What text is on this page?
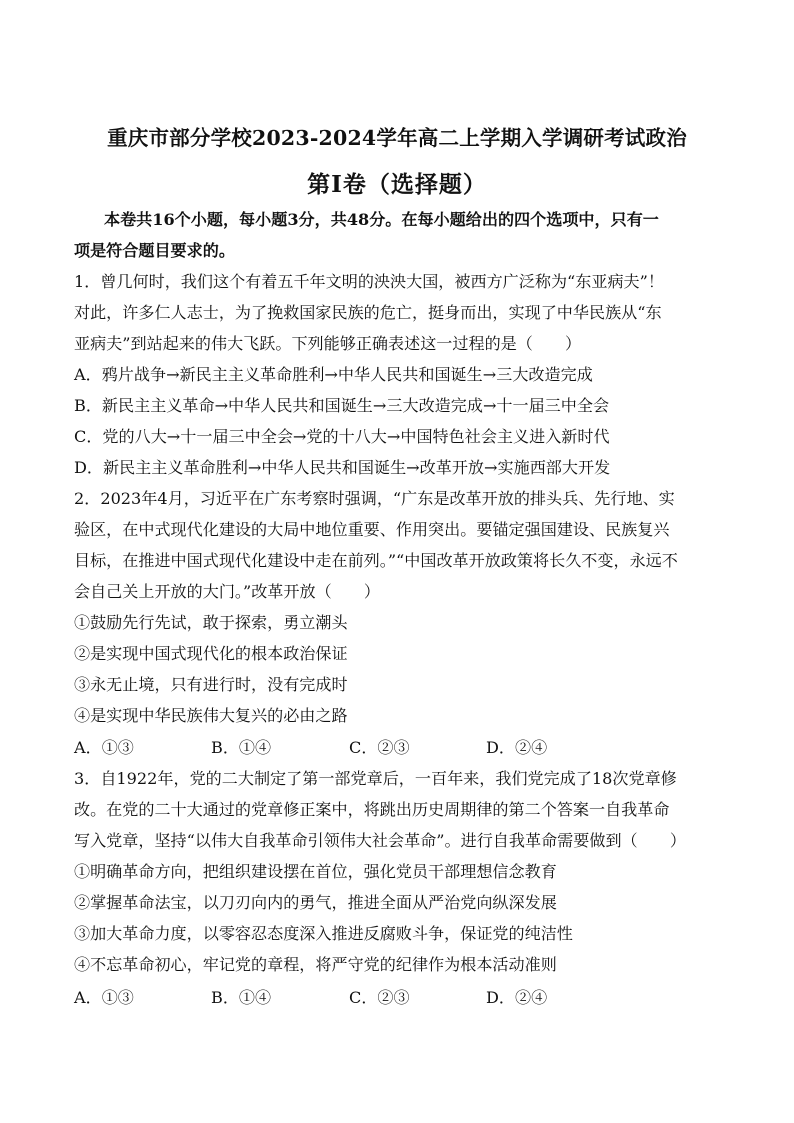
重庆市部分学校2023-2024学年高二上学期入学调研考试政治
第Ⅰ卷（选择题）
本卷共16个小题，每小题3分，共48分。在每小题给出的四个选项中，只有一
项是符合题目要求的。
1．曾几何时，我们这个有着五千年文明的泱泱大国，被西方广泛称为“东亚病夫”！
对此，许多仁人志士，为了挽救国家民族的危亡，挺身而出，实现了中华民族从“东
亚病夫”到站起来的伟大飞跃。下列能够正确表述这一过程的是（　　）
A．鸦片战争→新民主主义革命胜利→中华人民共和国诞生→三大改造完成
B．新民主主义革命→中华人民共和国诞生→三大改造完成→十一届三中全会
C．党的八大→十一届三中全会→党的十八大→中国特色社会主义进入新时代
D．新民主主义革命胜利→中华人民共和国诞生→改革开放→实施西部大开发
2．2023年4月，习近平在广东考察时强调，“广东是改革开放的排头兵、先行地、实
验区，在中式现代化建设的大局中地位重要、作用突出。要锚定强国建设、民族复兴
目标，在推进中国式现代化建设中走在前列。”“中国改革开放政策将长久不变，永远不
会自己关上开放的大门。”改革开放（　　）
①鼓励先行先试，敢于探索，勇立潮头
②是实现中国式现代化的根本政治保证
③永无止境，只有进行时，没有完成时
④是实现中华民族伟大复兴的必由之路
A．①③	B．①④	C．②③	D．②④
3．自1922年，党的二大制定了第一部党章后，一百年来，我们党完成了18次党章修
改。在党的二十大通过的党章修正案中，将跳出历史周期律的第二个答案一自我革命
写入党章，坚持“以伟大自我革命引领伟大社会革命”。进行自我革命需要做到（　　）
①明确革命方向，把组织建设摆在首位，强化党员干部理想信念教育
②掌握革命法宝，以刀刃向内的勇气，推进全面从严治党向纵深发展
③加大革命力度，以零容忍态度深入推进反腐败斗争，保证党的纯洁性
④不忘革命初心，牢记党的章程，将严守党的纪律作为根本活动准则
A．①③	B．①④	C．②③	D．②④
